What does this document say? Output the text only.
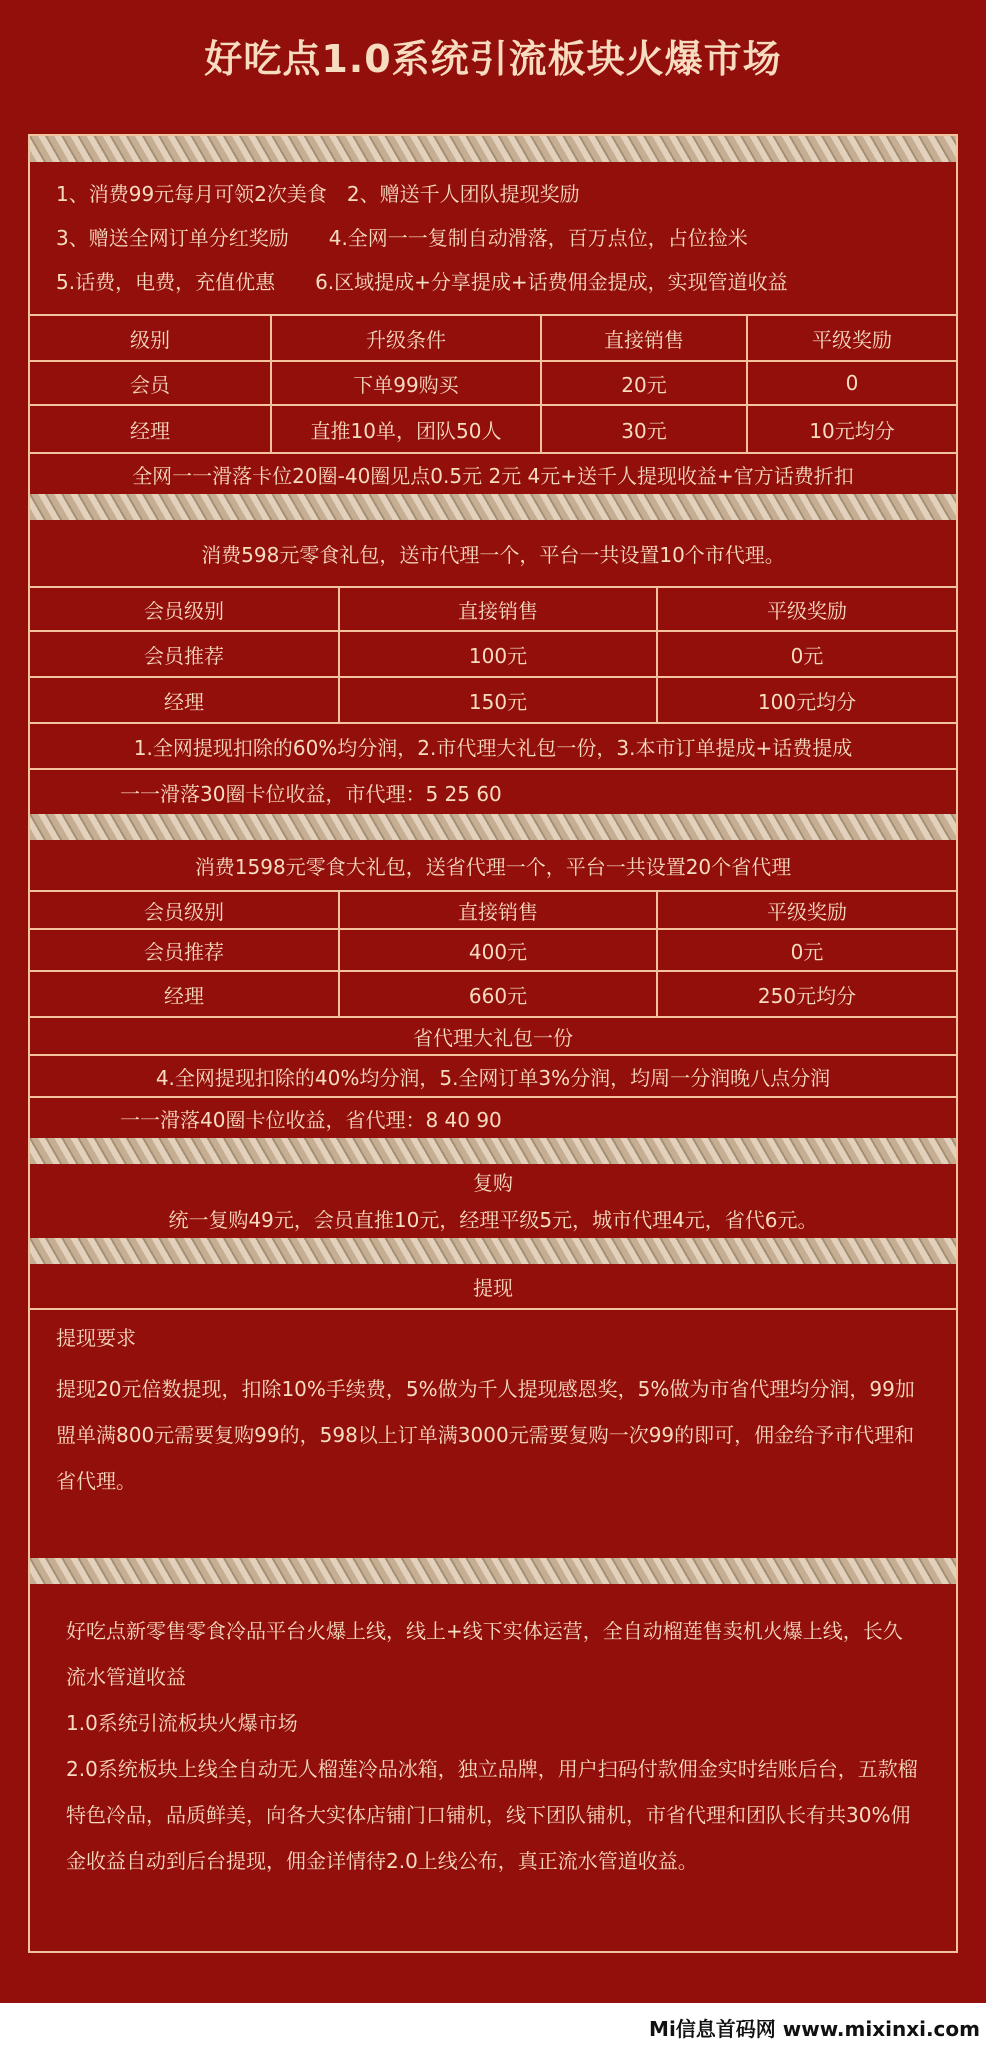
好吃点1.0系统引流板块火爆市场
1、消费99元每月可领2次美食　2、赠送千人团队提现奖励
3、赠送全网订单分红奖励　　4.全网一一复制自动滑落，百万点位，占位捡米
5.话费，电费，充值优惠　　6.区域提成+分享提成+话费佣金提成，实现管道收益
级别	升级条件	直接销售	平级奖励
会员	下单99购买	20元	0
经理	直推10单，团队50人	30元	10元均分
全网一一滑落卡位20圈-40圈见点0.5元 2元 4元+送千人提现收益+官方话费折扣
消费598元零食礼包，送市代理一个，平台一共设置10个市代理。
会员级别	直接销售	平级奖励
会员推荐	100元	0元
经理	150元	100元均分
1.全网提现扣除的60%均分润，2.市代理大礼包一份，3.本市订单提成+话费提成
一一滑落30圈卡位收益，市代理：5 25 60
消费1598元零食大礼包，送省代理一个，平台一共设置20个省代理
会员级别	直接销售	平级奖励
会员推荐	400元	0元
经理	660元	250元均分
省代理大礼包一份
4.全网提现扣除的40%均分润，5.全网订单3%分润，均周一分润晚八点分润
一一滑落40圈卡位收益，省代理：8 40 90
复购
统一复购49元，会员直推10元，经理平级5元，城市代理4元，省代6元。
提现
提现要求
提现20元倍数提现，扣除10%手续费，5%做为千人提现感恩奖，5%做为市省代理均分润，99加盟单满800元需要复购99的，598以上订单满3000元需要复购一次99的即可，佣金给予市代理和省代理。
好吃点新零售零食冷品平台火爆上线，线上+线下实体运营，全自动榴莲售卖机火爆上线，长久流水管道收益
1.0系统引流板块火爆市场
2.0系统板块上线全自动无人榴莲冷品冰箱，独立品牌，用户扫码付款佣金实时结账后台，五款榴特色冷品，品质鲜美，向各大实体店铺门口铺机，线下团队铺机，市省代理和团队长有共30%佣金收益自动到后台提现，佣金详情待2.0上线公布，真正流水管道收益。
Mi信息首码网 www.mixinxi.com
